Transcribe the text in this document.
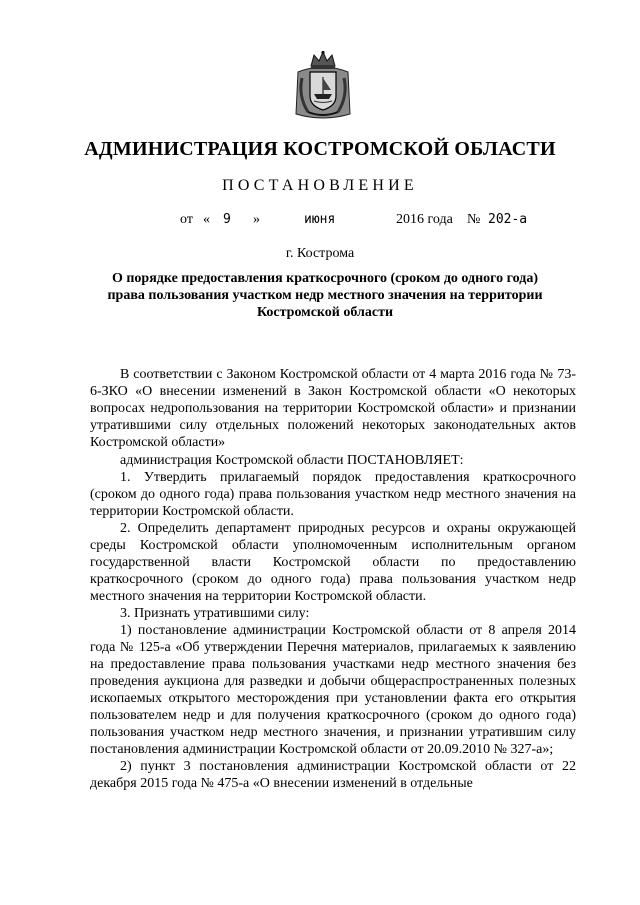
АДМИНИСТРАЦИЯ КОСТРОМСКОЙ ОБЛАСТИ
ПОСТАНОВЛЕНИЕ
от « 9 »	июня	2016 года № 202-а
г. Кострома
О порядке предоставления краткосрочного (сроком до одного года)
права пользования участком недр местного значения на территории
Костромской области

В соответствии с Законом Костромской области от 4 марта 2016 года № 73-6-ЗКО «О внесении изменений в Закон Костромской области «О некоторых вопросах недропользования на территории Костромской области» и признании утратившими силу отдельных положений некоторых законодательных актов Костромской области»

администрация Костромской области ПОСТАНОВЛЯЕТ:

1. Утвердить прилагаемый порядок предоставления краткосрочного (сроком до одного года) права пользования участком недр местного значения на территории Костромской области.

2. Определить департамент природных ресурсов и охраны окружающей среды Костромской области уполномоченным исполнительным органом государственной власти Костромской области по предоставлению краткосрочного (сроком до одного года) права пользования участком недр местного значения на территории Костромской области.

3. Признать утратившими силу:

1) постановление администрации Костромской области от 8 апреля 2014 года № 125-а «Об утверждении Перечня материалов, прилагаемых к заявлению на предоставление права пользования участками недр местного значения без проведения аукциона для разведки и добычи общераспространенных полезных ископаемых открытого месторождения при установлении факта его открытия пользователем недр и для получения краткосрочного (сроком до одного года) пользования участком недр местного значения, и признании утратившим силу постановления администрации Костромской области от 20.09.2010 № 327-а»;

2) пункт 3 постановления администрации Костромской области от 22 декабря 2015 года № 475-а «О внесении изменений в отдельные
